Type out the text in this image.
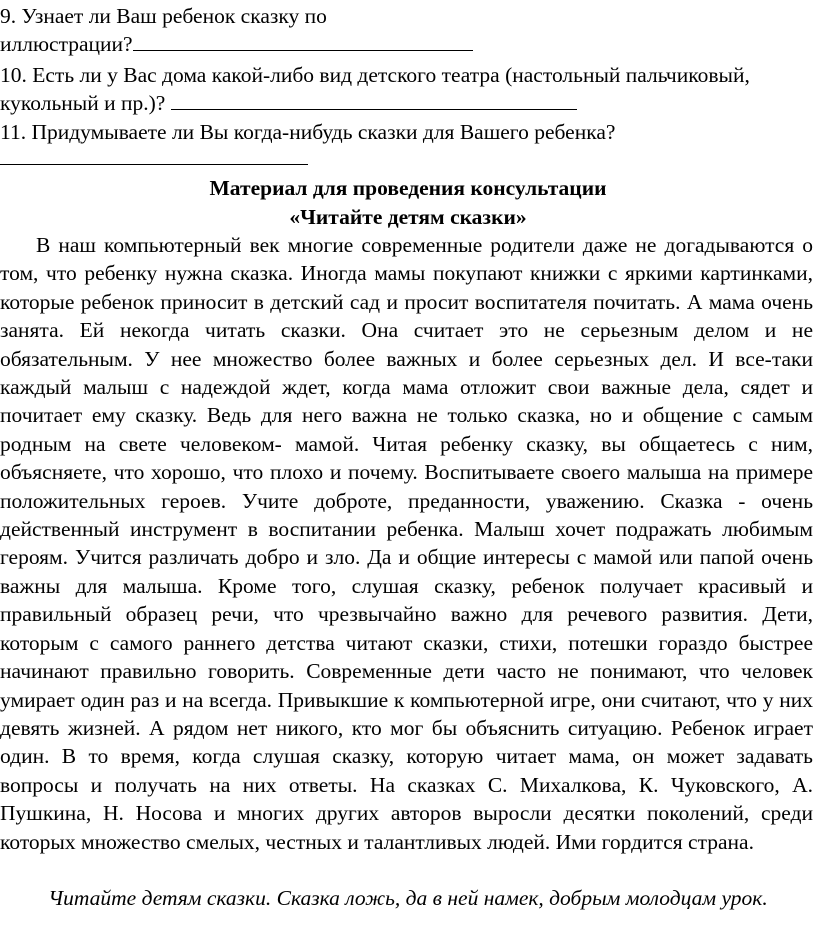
9. Узнает ли Ваш ребенок сказку по
иллюстрации?
10. Есть ли у Вас дома какой-либо вид детского театра (настольный пальчиковый,
кукольный и пр.)?
11. Придумываете ли Вы когда-нибудь сказки для Вашего ребенка?
Материал для проведения консультации
«Читайте детям сказки»

В наш компьютерный век многие современные родители даже не догадываются о том, что ребенку нужна сказка. Иногда мамы покупают книжки с яркими картинками, которые ребенок приносит в детский сад и просит воспитателя почитать. А мама очень занята. Ей некогда читать сказки. Она считает это не серьезным делом и не обязательным. У нее множество более важных и более серьезных дел. И все-таки каждый малыш с надеждой ждет, когда мама отложит свои важные дела, сядет и почитает ему сказку. Ведь для него важна не только сказка, но и общение с самым родным на свете человеком- мамой. Читая ребенку сказку, вы общаетесь с ним, объясняете, что хорошо, что плохо и почему. Воспитываете своего малыша на примере положительных героев. Учите доброте, преданности, уважению. Сказка - очень действенный инструмент в воспитании ребенка. Малыш хочет подражать любимым героям. Учится различать добро и зло. Да и общие интересы с мамой или папой очень важны для малыша. Кроме того, слушая сказку, ребенок получает красивый и правильный образец речи, что чрезвычайно важно для речевого развития. Дети, которым с самого раннего детства читают сказки, стихи, потешки гораздо быстрее начинают правильно говорить. Современные дети часто не понимают, что человек умирает один раз и на всегда. Привыкшие к компьютерной игре, они считают, что у них девять жизней. А рядом нет никого, кто мог бы объяснить ситуацию. Ребенок играет один. В то время, когда слушая сказку, которую читает мама, он может задавать вопросы и получать на них ответы. На сказках С. Михалкова, К. Чуковского, А. Пушкина, Н. Носова и многих других авторов выросли десятки поколений, среди которых множество смелых, честных и талантливых людей. Ими гордится страна.

Читайте детям сказки. Сказка ложь, да в ней намек, добрым молодцам урок.
